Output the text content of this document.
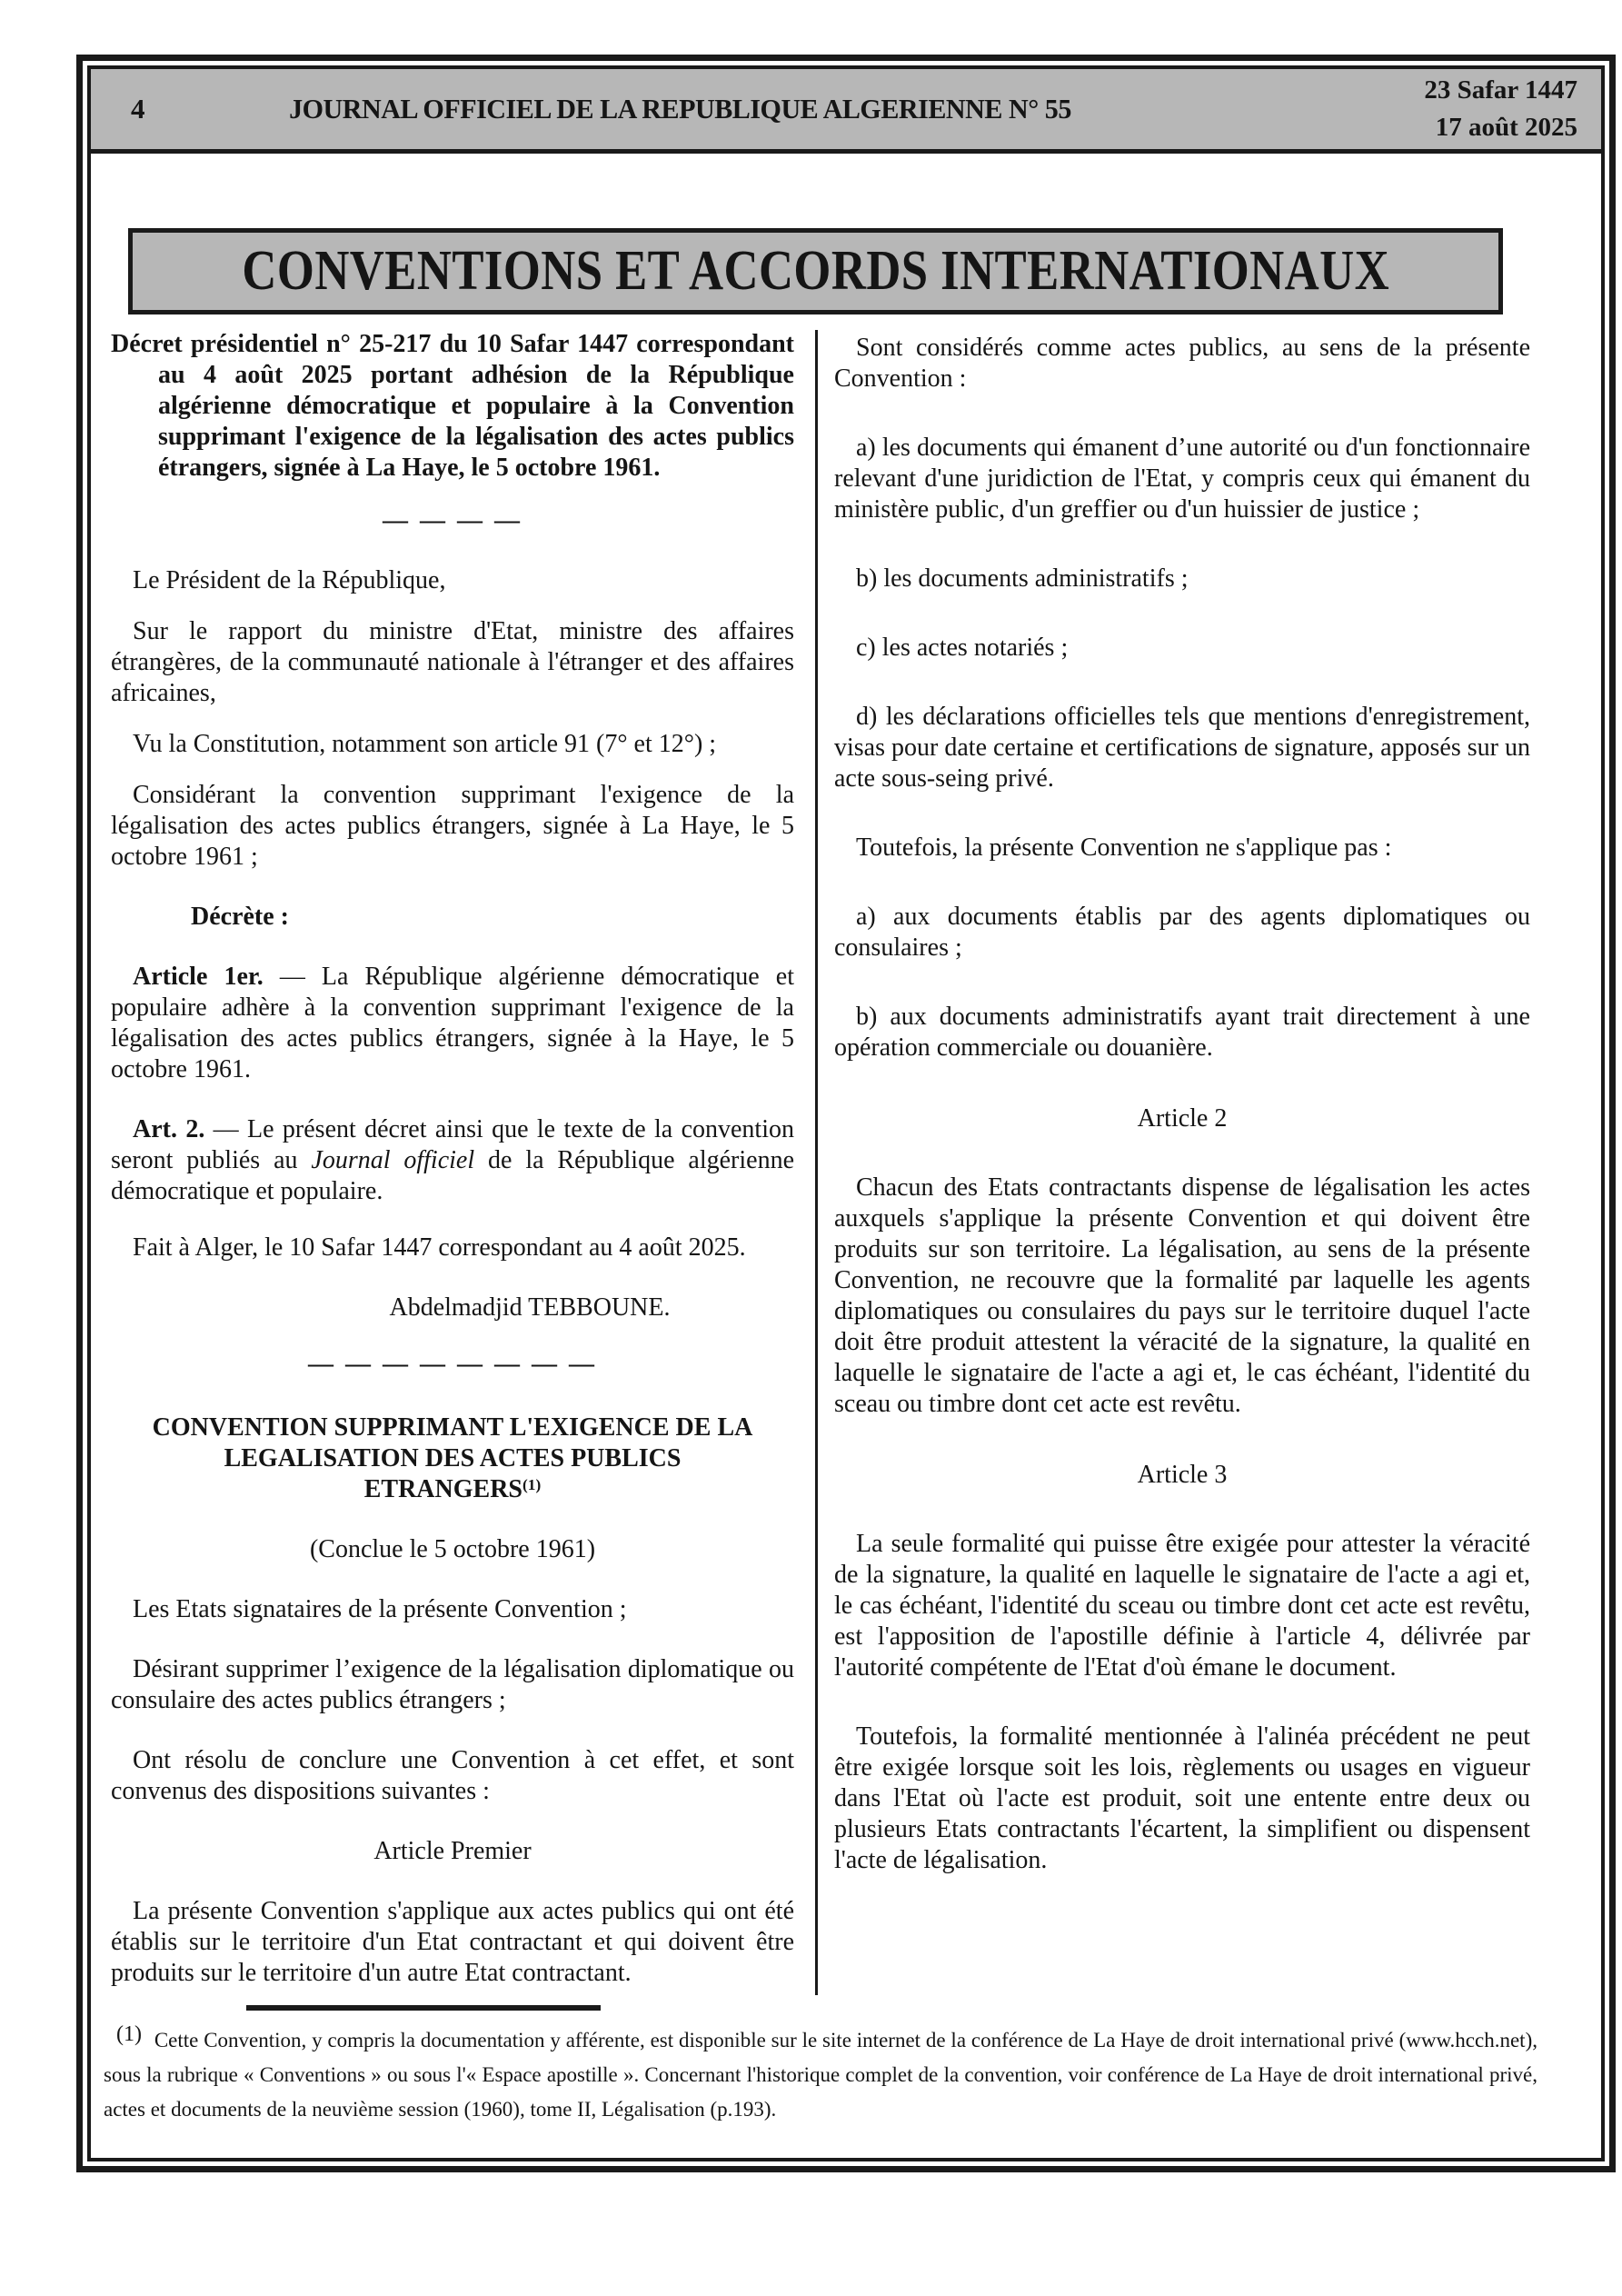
4	JOURNAL OFFICIEL DE LA REPUBLIQUE ALGERIENNE N° 55
23 Safar 1447
17 août 2025
CONVENTIONS ET ACCORDS INTERNATIONAUX

Décret présidentiel n° 25-217 du 10 Safar 1447 correspondant au 4 août 2025 portant adhésion de la République algérienne démocratique et populaire à la Convention supprimant l'exigence de la légalisation des actes publics étrangers, signée à La Haye, le 5 octobre 1961.

— — — —

Le Président de la République,

Sur le rapport du ministre d'Etat, ministre des affaires étrangères, de la communauté nationale à l'étranger et des affaires africaines,

Vu la Constitution, notamment son article 91 (7° et 12°) ;

Considérant la convention supprimant l'exigence de la légalisation des actes publics étrangers, signée à La Haye, le 5 octobre 1961 ;

Décrète :

Article 1er. — La République algérienne démocratique et populaire adhère à la convention supprimant l'exigence de la légalisation des actes publics étrangers, signée à la Haye, le 5 octobre 1961.

Art. 2. — Le présent décret ainsi que le texte de la convention seront publiés au Journal officiel de la République algérienne démocratique et populaire.

Fait à Alger, le 10 Safar 1447 correspondant au 4 août 2025.

Abdelmadjid TEBBOUNE.

— — — — — — — —

CONVENTION SUPPRIMANT L'EXIGENCE DE LA LEGALISATION DES ACTES PUBLICS ETRANGERS$^{(1)}$

(Conclue le 5 octobre 1961)

Les Etats signataires de la présente Convention ;

Désirant supprimer l’exigence de la légalisation diplomatique ou consulaire des actes publics étrangers ;

Ont résolu de conclure une Convention à cet effet, et sont convenus des dispositions suivantes :

Article Premier

La présente Convention s'applique aux actes publics qui ont été établis sur le territoire d'un Etat contractant et qui doivent être produits sur le territoire d'un autre Etat contractant.

Sont considérés comme actes publics, au sens de la présente Convention :

a) les documents qui émanent d’une autorité ou d'un fonctionnaire relevant d'une juridiction de l'Etat, y compris ceux qui émanent du ministère public, d'un greffier ou d'un huissier de justice ;

b) les documents administratifs ;

c) les actes notariés ;

d) les déclarations officielles tels que mentions d'enregistrement, visas pour date certaine et certifications de signature, apposés sur un acte sous-seing privé.

Toutefois, la présente Convention ne s'applique pas :

a) aux documents établis par des agents diplomatiques ou consulaires ;

b) aux documents administratifs ayant trait directement à une opération commerciale ou douanière.

Article 2

Chacun des Etats contractants dispense de légalisation les actes auxquels s'applique la présente Convention et qui doivent être produits sur son territoire. La légalisation, au sens de la présente Convention, ne recouvre que la formalité par laquelle les agents diplomatiques ou consulaires du pays sur le territoire duquel l'acte doit être produit attestent la véracité de la signature, la qualité en laquelle le signataire de l'acte a agi et, le cas échéant, l'identité du sceau ou timbre dont cet acte est revêtu.

Article 3

La seule formalité qui puisse être exigée pour attester la véracité de la signature, la qualité en laquelle le signataire de l'acte a agi et, le cas échéant, l'identité du sceau ou timbre dont cet acte est revêtu, est l'apposition de l'apostille définie à l'article 4, délivrée par l'autorité compétente de l'Etat d'où émane le document.

Toutefois, la formalité mentionnée à l'alinéa précédent ne peut être exigée lorsque soit les lois, règlements ou usages en vigueur dans l'Etat où l'acte est produit, soit une entente entre deux ou plusieurs Etats contractants l'écartent, la simplifient ou dispensent l'acte de légalisation.

$^{(1)}$ Cette Convention, y compris la documentation y afférente, est disponible sur le site internet de la conférence de La Haye de droit international privé (www.hcch.net), sous la rubrique « Conventions » ou sous l'« Espace apostille ». Concernant l'historique complet de la convention, voir conférence de La Haye de droit international privé, actes et documents de la neuvième session (1960), tome II, Légalisation (p.193).
